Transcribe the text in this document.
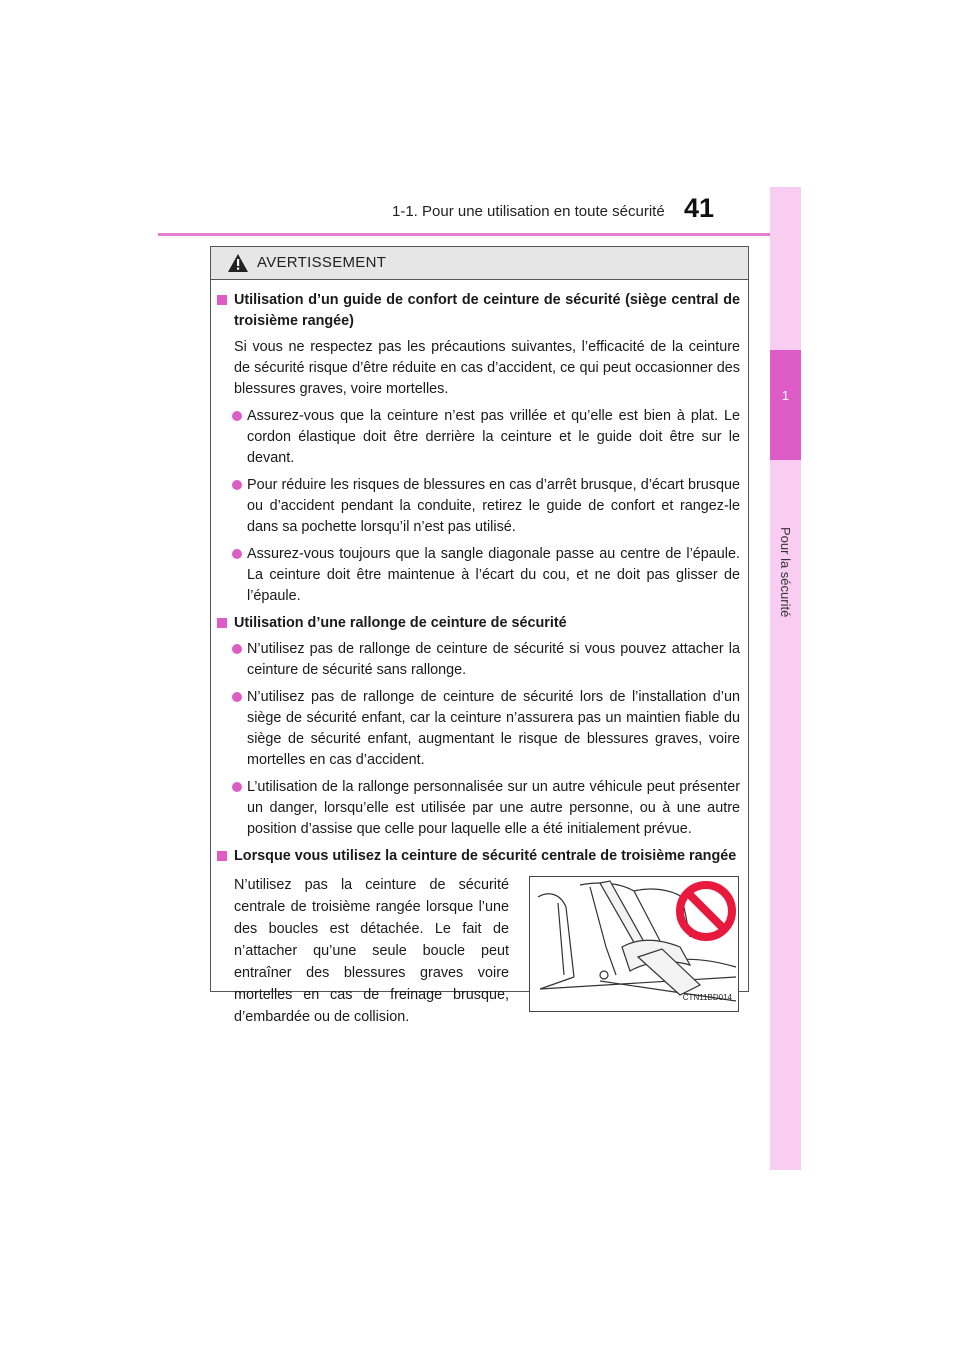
1-1. Pour une utilisation en toute sécurité 41
1
Pour la sécurité
AVERTISSEMENT
Utilisation d’un guide de confort de ceinture de sécurité (siège central de troisième rangée)
Si vous ne respectez pas les précautions suivantes, l’efficacité de la ceinture de sécurité risque d’être réduite en cas d’accident, ce qui peut occasionner des blessures graves, voire mortelles.
Assurez-vous que la ceinture n’est pas vrillée et qu’elle est bien à plat. Le cordon élastique doit être derrière la ceinture et le guide doit être sur le devant.
Pour réduire les risques de blessures en cas d’arrêt brusque, d’écart brusque ou d’accident pendant la conduite, retirez le guide de confort et rangez-le dans sa pochette lorsqu’il n’est pas utilisé.
Assurez-vous toujours que la sangle diagonale passe au centre de l’épaule. La ceinture doit être maintenue à l’écart du cou, et ne doit pas glisser de l’épaule.
Utilisation d’une rallonge de ceinture de sécurité
N’utilisez pas de rallonge de ceinture de sécurité si vous pouvez attacher la ceinture de sécurité sans rallonge.
N’utilisez pas de rallonge de ceinture de sécurité lors de l’installation d’un siège de sécurité enfant, car la ceinture n’assurera pas un maintien fiable du siège de sécurité enfant, augmentant le risque de blessures graves, voire mortelles en cas d’accident.
L’utilisation de la rallonge personnalisée sur un autre véhicule peut présenter un danger, lorsqu’elle est utilisée par une autre personne, ou à une autre position d’assise que celle pour laquelle elle a été initialement prévue.
Lorsque vous utilisez la ceinture de sécurité centrale de troisième rangée
N’utilisez pas la ceinture de sécurité centrale de troisième rangée lorsque l’une des boucles est détachée. Le fait de n’attacher qu’une seule boucle peut entraîner des blessures graves voire mortelles en cas de freinage brusque, d’embardée ou de collision.
CTN11BD014
